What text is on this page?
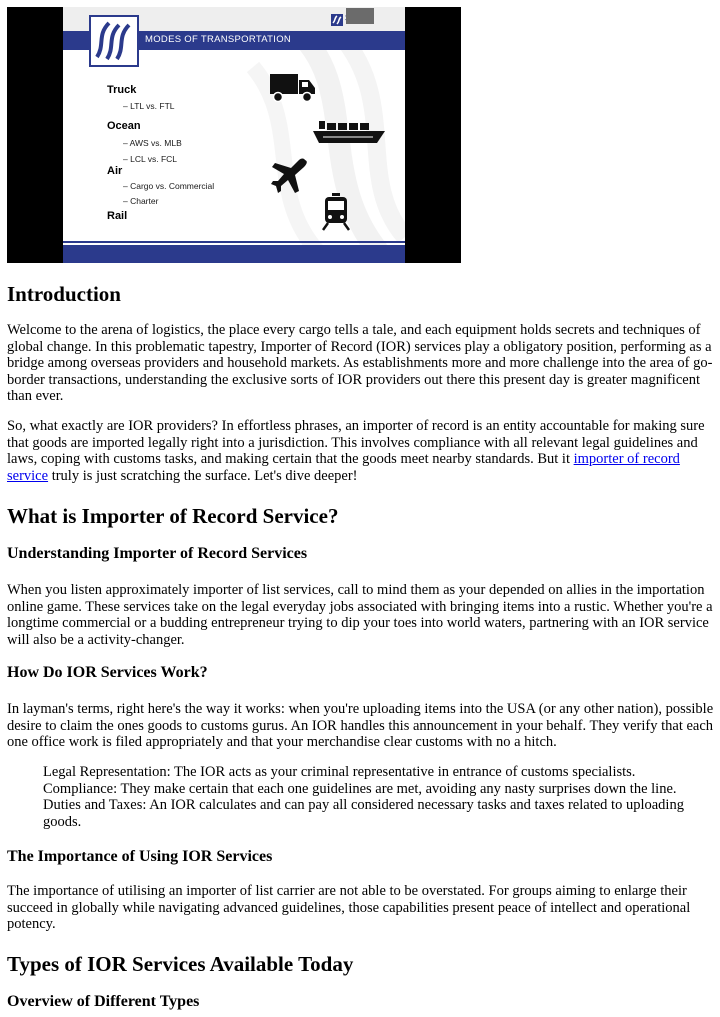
MODES OF TRANSPORTATION
Truck
– LTL vs. FTL
Ocean
– AWS vs. MLB
– LCL vs. FCL
Air
– Cargo vs. Commercial
– Charter
Rail
Introduction

Welcome to the arena of logistics, the place every cargo tells a tale, and each equipment holds secrets and techniques of global change. In this problematic tapestry, Importer of Record (IOR) services play a obligatory position, performing as a bridge among overseas providers and household markets. As establishments more and more challenge into the area of go-border transactions, understanding the exclusive sorts of IOR providers out there this present day is greater magnificent than ever.

So, what exactly are IOR providers? In effortless phrases, an importer of record is an entity accountable for making sure that goods are imported legally right into a jurisdiction. This involves compliance with all relevant legal guidelines and laws, coping with customs tasks, and making certain that the goods meet nearby standards. But it importer of record service truly is just scratching the surface. Let's dive deeper!

What is Importer of Record Service?
Understanding Importer of Record Services

When you listen approximately importer of list services, call to mind them as your depended on allies in the importation online game. These services take on the legal everyday jobs associated with bringing items into a rustic. Whether you're a longtime commercial or a budding entrepreneur trying to dip your toes into world waters, partnering with an IOR service will also be a activity-changer.

How Do IOR Services Work?

In layman's terms, right here's the way it works: when you're uploading items into the USA (or any other nation), possible desire to claim the ones goods to customs gurus. An IOR handles this announcement in your behalf. They verify that each one office work is filed appropriately and that your merchandise clear customs with no a hitch.

Legal Representation: The IOR acts as your criminal representative in entrance of customs specialists.
Compliance: They make certain that each one guidelines are met, avoiding any nasty surprises down the line.
Duties and Taxes: An IOR calculates and can pay all considered necessary tasks and taxes related to uploading goods.
The Importance of Using IOR Services

The importance of utilising an importer of list carrier are not able to be overstated. For groups aiming to enlarge their succeed in globally while navigating advanced guidelines, those capabilities present peace of intellect and operational potency.

Types of IOR Services Available Today
Overview of Different Types
